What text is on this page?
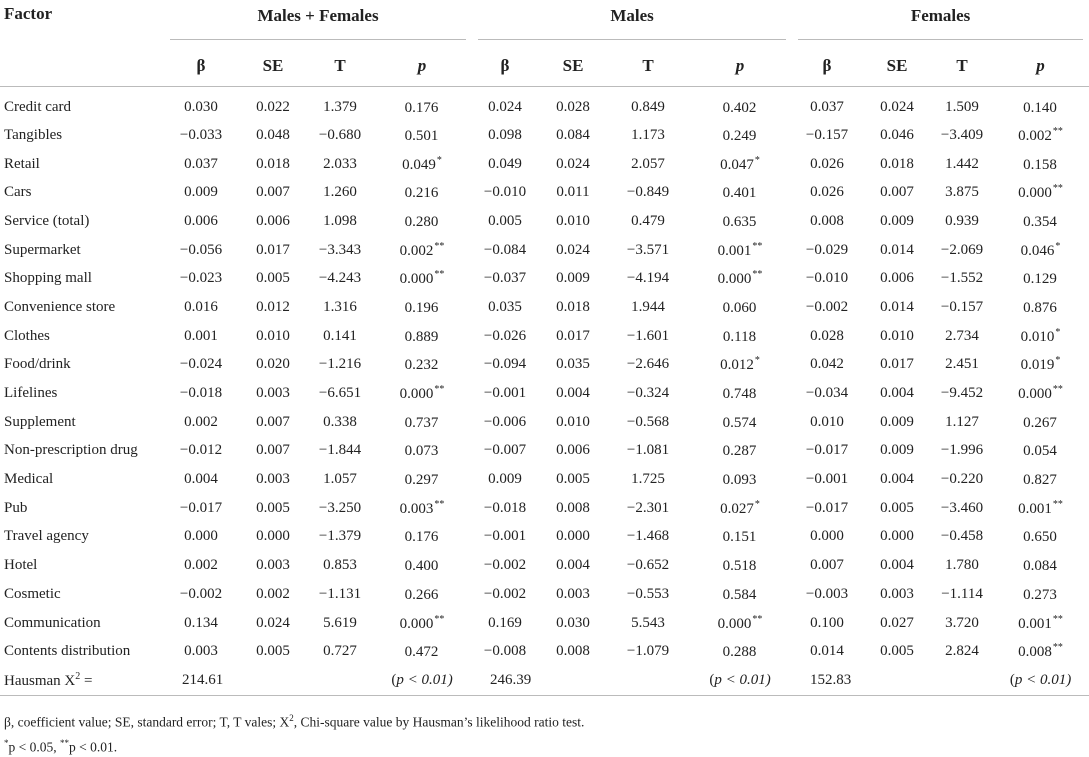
Factor	Males + Females				Males				Females			

	β	SE	T	p	β	SE	T	p	β	SE	T	p
Credit card	0.030	0.022	1.379	0.176	0.024	0.028	0.849	0.402	0.037	0.024	1.509	0.140
Tangibles	−0.033	0.048	−0.680	0.501	0.098	0.084	1.173	0.249	−0.157	0.046	−3.409	0.002**
Retail	0.037	0.018	2.033	0.049*	0.049	0.024	2.057	0.047*	0.026	0.018	1.442	0.158
Cars	0.009	0.007	1.260	0.216	−0.010	0.011	−0.849	0.401	0.026	0.007	3.875	0.000**
Service (total)	0.006	0.006	1.098	0.280	0.005	0.010	0.479	0.635	0.008	0.009	0.939	0.354
Supermarket	−0.056	0.017	−3.343	0.002**	−0.084	0.024	−3.571	0.001**	−0.029	0.014	−2.069	0.046*
Shopping mall	−0.023	0.005	−4.243	0.000**	−0.037	0.009	−4.194	0.000**	−0.010	0.006	−1.552	0.129
Convenience store	0.016	0.012	1.316	0.196	0.035	0.018	1.944	0.060	−0.002	0.014	−0.157	0.876
Clothes	0.001	0.010	0.141	0.889	−0.026	0.017	−1.601	0.118	0.028	0.010	2.734	0.010*
Food/drink	−0.024	0.020	−1.216	0.232	−0.094	0.035	−2.646	0.012*	0.042	0.017	2.451	0.019*
Lifelines	−0.018	0.003	−6.651	0.000**	−0.001	0.004	−0.324	0.748	−0.034	0.004	−9.452	0.000**
Supplement	0.002	0.007	0.338	0.737	−0.006	0.010	−0.568	0.574	0.010	0.009	1.127	0.267
Non-prescription drug	−0.012	0.007	−1.844	0.073	−0.007	0.006	−1.081	0.287	−0.017	0.009	−1.996	0.054
Medical	0.004	0.003	1.057	0.297	0.009	0.005	1.725	0.093	−0.001	0.004	−0.220	0.827
Pub	−0.017	0.005	−3.250	0.003**	−0.018	0.008	−2.301	0.027*	−0.017	0.005	−3.460	0.001**
Travel agency	0.000	0.000	−1.379	0.176	−0.001	0.000	−1.468	0.151	0.000	0.000	−0.458	0.650
Hotel	0.002	0.003	0.853	0.400	−0.002	0.004	−0.652	0.518	0.007	0.004	1.780	0.084
Cosmetic	−0.002	0.002	−1.131	0.266	−0.002	0.003	−0.553	0.584	−0.003	0.003	−1.114	0.273
Communication	0.134	0.024	5.619	0.000**	0.169	0.030	5.543	0.000**	0.100	0.027	3.720	0.001**
Contents distribution	0.003	0.005	0.727	0.472	−0.008	0.008	−1.079	0.288	0.014	0.005	2.824	0.008**
Hausman $X^2$ =	214.61			(p < 0.01)	246.39			(p < 0.01)	152.83			(p < 0.01)

β, coefficient value; SE, standard error; T, T vales; $X^2$, Chi-square value by Hausman’s likelihood ratio test.

*p < 0.05, **p < 0.01.
